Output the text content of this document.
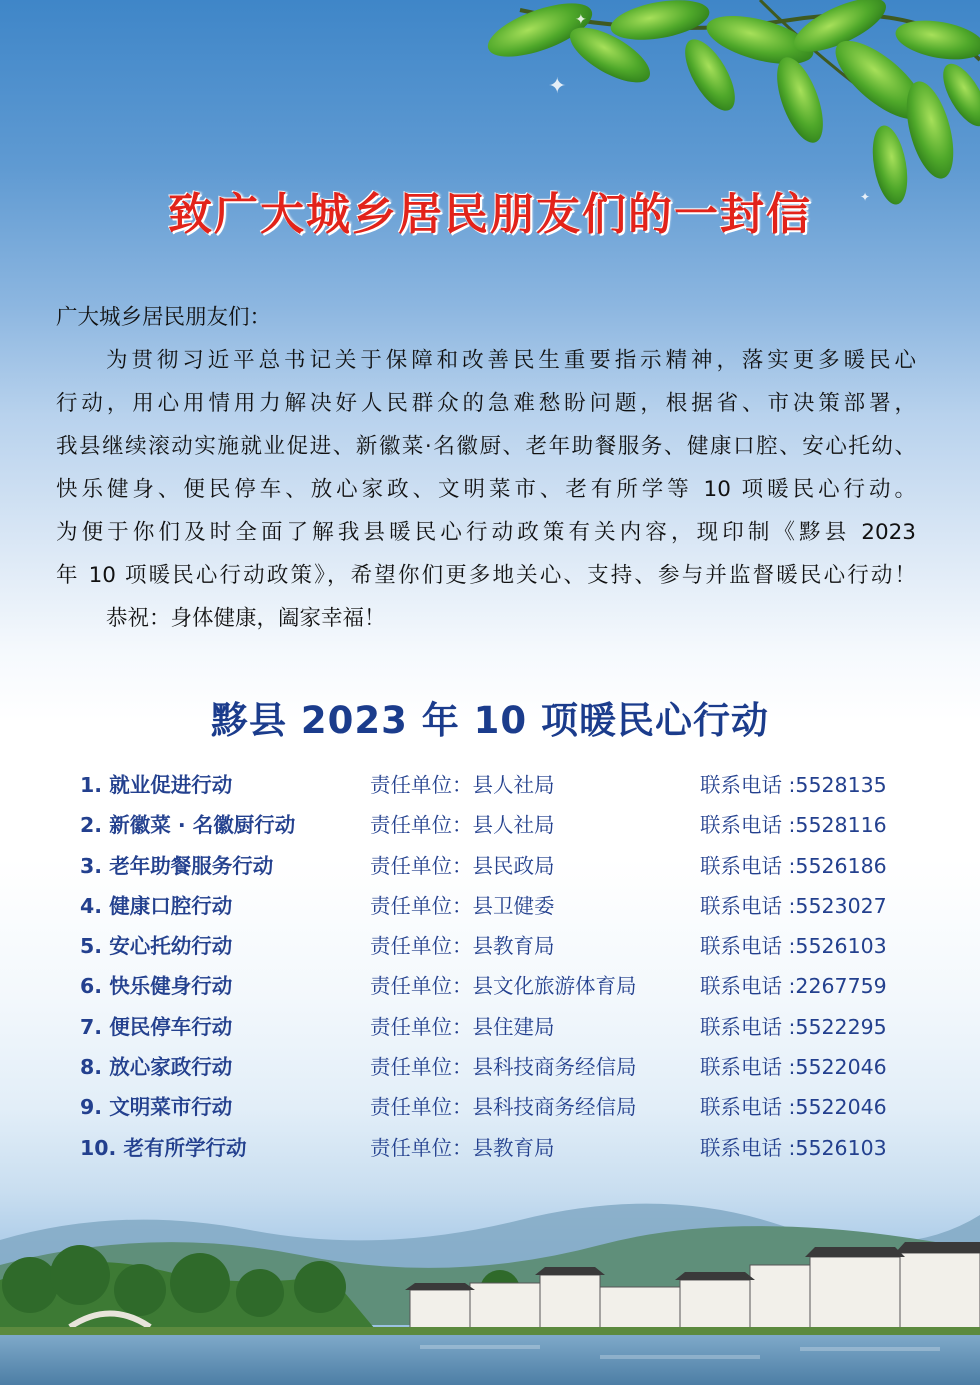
✦
✦
✦
致广大城乡居民朋友们的一封信

广大城乡居民朋友们：

为贯彻习近平总书记关于保障和改善民生重要指示精神，落实更多暖民心

行动，用心用情用力解决好人民群众的急难愁盼问题，根据省、市决策部署，

我县继续滚动实施就业促进、新徽菜·名徽厨、老年助餐服务、健康口腔、安心托幼、

快乐健身、便民停车、放心家政、文明菜市、老有所学等 10 项暖民心行动。

为便于你们及时全面了解我县暖民心行动政策有关内容，现印制《黟县 2023

年 10 项暖民心行动政策》，希望你们更多地关心、支持、参与并监督暖民心行动！

恭祝：身体健康，阖家幸福！

黟县 2023 年 10 项暖民心行动
1. 就业促进行动	责任单位：县人社局	联系电话 :5528135
2. 新徽菜 · 名徽厨行动	责任单位：县人社局	联系电话 :5528116
3. 老年助餐服务行动	责任单位：县民政局	联系电话 :5526186
4. 健康口腔行动	责任单位：县卫健委	联系电话 :5523027
5. 安心托幼行动	责任单位：县教育局	联系电话 :5526103
6. 快乐健身行动	责任单位：县文化旅游体育局	联系电话 :2267759
7. 便民停车行动	责任单位：县住建局	联系电话 :5522295
8. 放心家政行动	责任单位：县科技商务经信局	联系电话 :5522046
9. 文明菜市行动	责任单位：县科技商务经信局	联系电话 :5522046
10. 老有所学行动	责任单位：县教育局	联系电话 :5526103
